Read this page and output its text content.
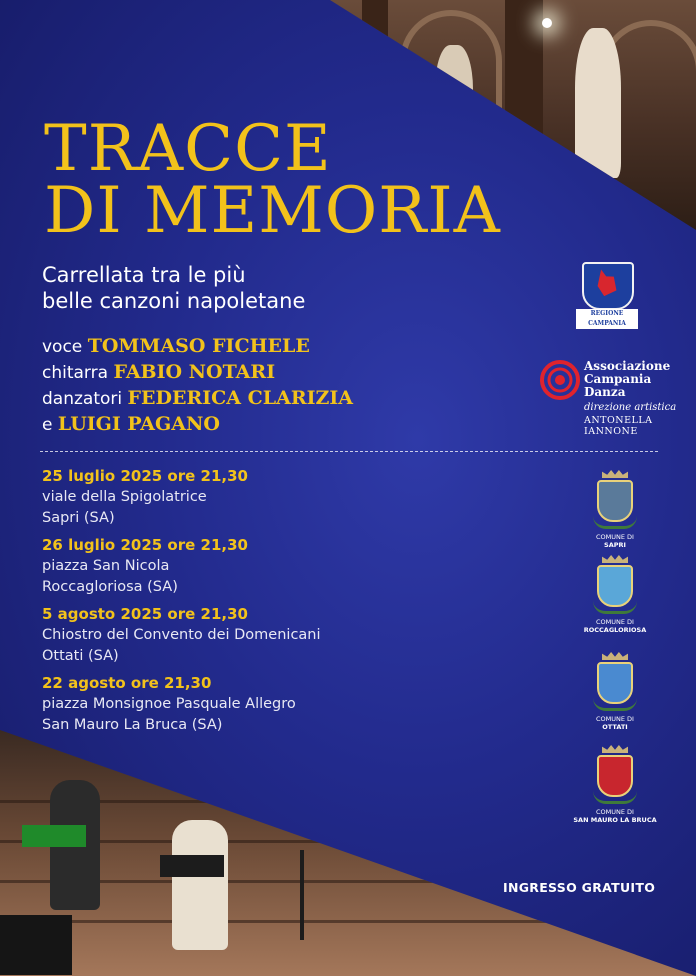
TRACCE
DI MEMORIA

Carrellata tra le più
belle canzoni napoletane

voce TOMMASO FICHELE
chitarra FABIO NOTARI
danzatori FEDERICA CLARIZIA
e LUIGI PAGANO
25 luglio 2025 ore 21,30
viale della Spigolatrice
Sapri (SA)
26 luglio 2025 ore 21,30
piazza San Nicola
Roccagloriosa (SA)
5 agosto 2025 ore 21,30
Chiostro del Convento dei Domenicani
Ottati (SA)
22 agosto ore 21,30
piazza Monsignoe Pasquale Allegro
San Mauro La Bruca (SA)
REGIONE CAMPANIA

Associazione
Campania
Danza

direzione artistica
ANTONELLA
IANNONE
COMUNE DI
SAPRI
COMUNE DI
ROCCAGLORIOSA
COMUNE DI
OTTATI
COMUNE DI
SAN MAURO LA BRUCA
INGRESSO GRATUITO
